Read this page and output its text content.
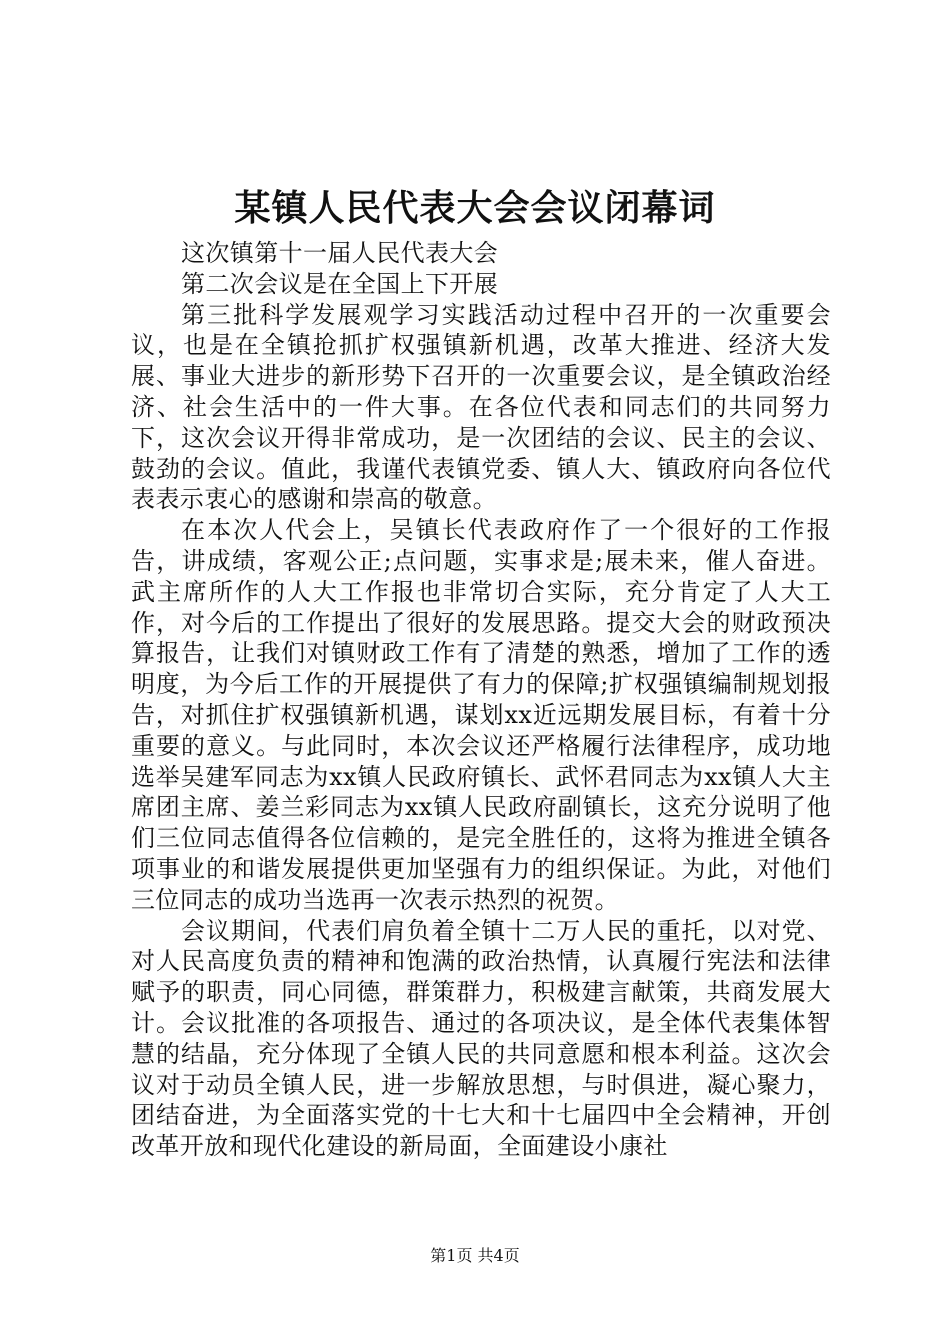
某镇人民代表大会会议闭幕词

这次镇第十一届人民代表大会

第二次会议是在全国上下开展

第三批科学发展观学习实践活动过程中召开的一次重要会议，也是在全镇抢抓扩权强镇新机遇，改革大推进、经济大发展、事业大进步的新形势下召开的一次重要会议，是全镇政治经济、社会生活中的一件大事。在各位代表和同志们的共同努力下，这次会议开得非常成功，是一次团结的会议、民主的会议、鼓劲的会议。值此，我谨代表镇党委、镇人大、镇政府向各位代表表示衷心的感谢和崇高的敬意。

在本次人代会上，吴镇长代表政府作了一个很好的工作报告，讲成绩，客观公正;点问题，实事求是;展未来，催人奋进。武主席所作的人大工作报也非常切合实际，充分肯定了人大工作，对今后的工作提出了很好的发展思路。提交大会的财政预决算报告，让我们对镇财政工作有了清楚的熟悉，增加了工作的透明度，为今后工作的开展提供了有力的保障;扩权强镇编制规划报告，对抓住扩权强镇新机遇，谋划xx近远期发展目标，有着十分重要的意义。与此同时，本次会议还严格履行法律程序，成功地选举吴建军同志为xx镇人民政府镇长、武怀君同志为xx镇人大主席团主席、姜兰彩同志为xx镇人民政府副镇长，这充分说明了他们三位同志值得各位信赖的，是完全胜任的，这将为推进全镇各项事业的和谐发展提供更加坚强有力的组织保证。为此，对他们三位同志的成功当选再一次表示热烈的祝贺。

会议期间，代表们肩负着全镇十二万人民的重托，以对党、对人民高度负责的精神和饱满的政治热情，认真履行宪法和法律赋予的职责，同心同德，群策群力，积极建言献策，共商发展大计。会议批准的各项报告、通过的各项决议，是全体代表集体智慧的结晶，充分体现了全镇人民的共同意愿和根本利益。这次会议对于动员全镇人民，进一步解放思想，与时俱进，凝心聚力，团结奋进，为全面落实党的十七大和十七届四中全会精神，开创改革开放和现代化建设的新局面，全面建设小康社

第1页 共4页
